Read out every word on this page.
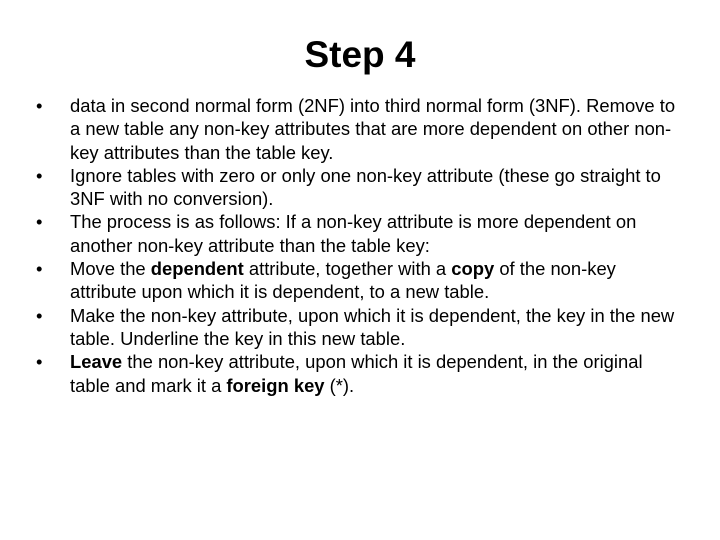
Step 4
•	data in second normal form (2NF) into third normal form (3NF). Remove to a new table any non-key attributes that are more dependent on other non-key attributes than the table key.
•	Ignore tables with zero or only one non-key attribute (these go straight to 3NF with no conversion).
•	The process is as follows: If a non-key attribute is more dependent on another non-key attribute than the table key:
•	Move the dependent attribute, together with a copy of the non-key attribute upon which it is dependent, to a new table.
•	Make the non-key attribute, upon which it is dependent, the key in the new table. Underline the key in this new table.
•	Leave the non-key attribute, upon which it is dependent, in the original table and mark it a foreign key (*).
